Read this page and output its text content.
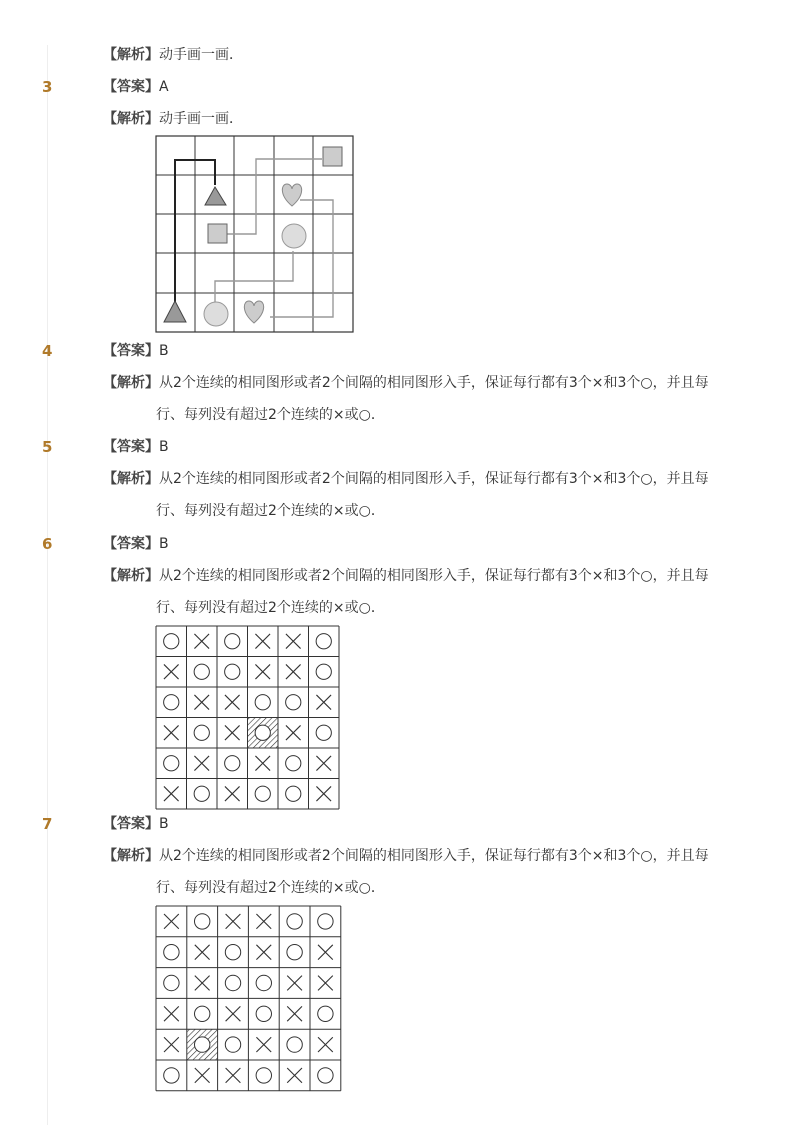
【解析】动手画一画．
3	【答案】A
【解析】动手画一画．
4	【答案】B
【解析】从2个连续的相同图形或者2个间隔的相同图形入手，保证每行都有3个×和3个○，并且每
行、每列没有超过2个连续的×或○．
5	【答案】B
【解析】从2个连续的相同图形或者2个间隔的相同图形入手，保证每行都有3个×和3个○，并且每
行、每列没有超过2个连续的×或○．
6	【答案】B
【解析】从2个连续的相同图形或者2个间隔的相同图形入手，保证每行都有3个×和3个○，并且每
行、每列没有超过2个连续的×或○．
7	【答案】B
【解析】从2个连续的相同图形或者2个间隔的相同图形入手，保证每行都有3个×和3个○，并且每
行、每列没有超过2个连续的×或○．
